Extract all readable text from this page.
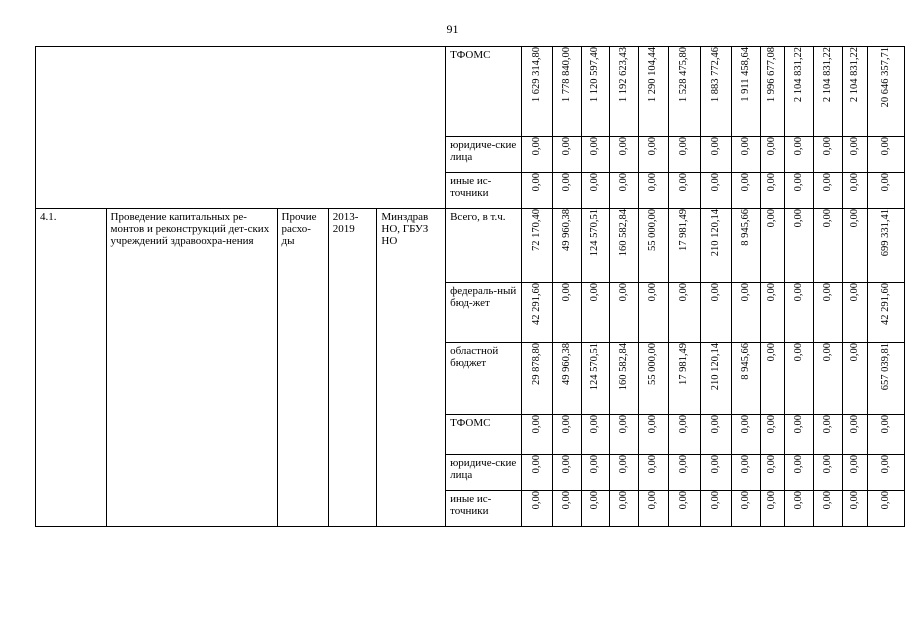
91

					ТФОМС	1 629 314,80	1 778 840,00	1 120 597,40	1 192 623,43	1 290 104,44	1 528 475,80	1 883 772,46	1 911 458,64	1 996 677,08	2 104 831,22	2 104 831,22	2 104 831,22	20 646 357,71

					юридиче-ские лица	0,00	0,00	0,00	0,00	0,00	0,00	0,00	0,00	0,00	0,00	0,00	0,00	0,00

					иные ис-точники	0,00	0,00	0,00	0,00	0,00	0,00	0,00	0,00	0,00	0,00	0,00	0,00	0,00

4.1.	Проведение капитальных ре-монтов и реконструкций дет-ских учреждений здравоохра-нения	Прочие расхо-ды	2013-2019	Минздрав НО, ГБУЗ НО	Всего, в т.ч.	72 170,40	49 960,38	124 570,51	160 582,84	55 000,00	17 981,49	210 120,14	8 945,66	0,00	0,00	0,00	0,00	699 331,41

					федераль-ный бюд-жет	42 291,60	0,00	0,00	0,00	0,00	0,00	0,00	0,00	0,00	0,00	0,00	0,00	42 291,60

					областной бюджет	29 878,80	49 960,38	124 570,51	160 582,84	55 000,00	17 981,49	210 120,14	8 945,66	0,00	0,00	0,00	0,00	657 039,81

					ТФОМС	0,00	0,00	0,00	0,00	0,00	0,00	0,00	0,00	0,00	0,00	0,00	0,00	0,00

					юридиче-ские лица	0,00	0,00	0,00	0,00	0,00	0,00	0,00	0,00	0,00	0,00	0,00	0,00	0,00

					иные ис-точники	0,00	0,00	0,00	0,00	0,00	0,00	0,00	0,00	0,00	0,00	0,00	0,00	0,00
